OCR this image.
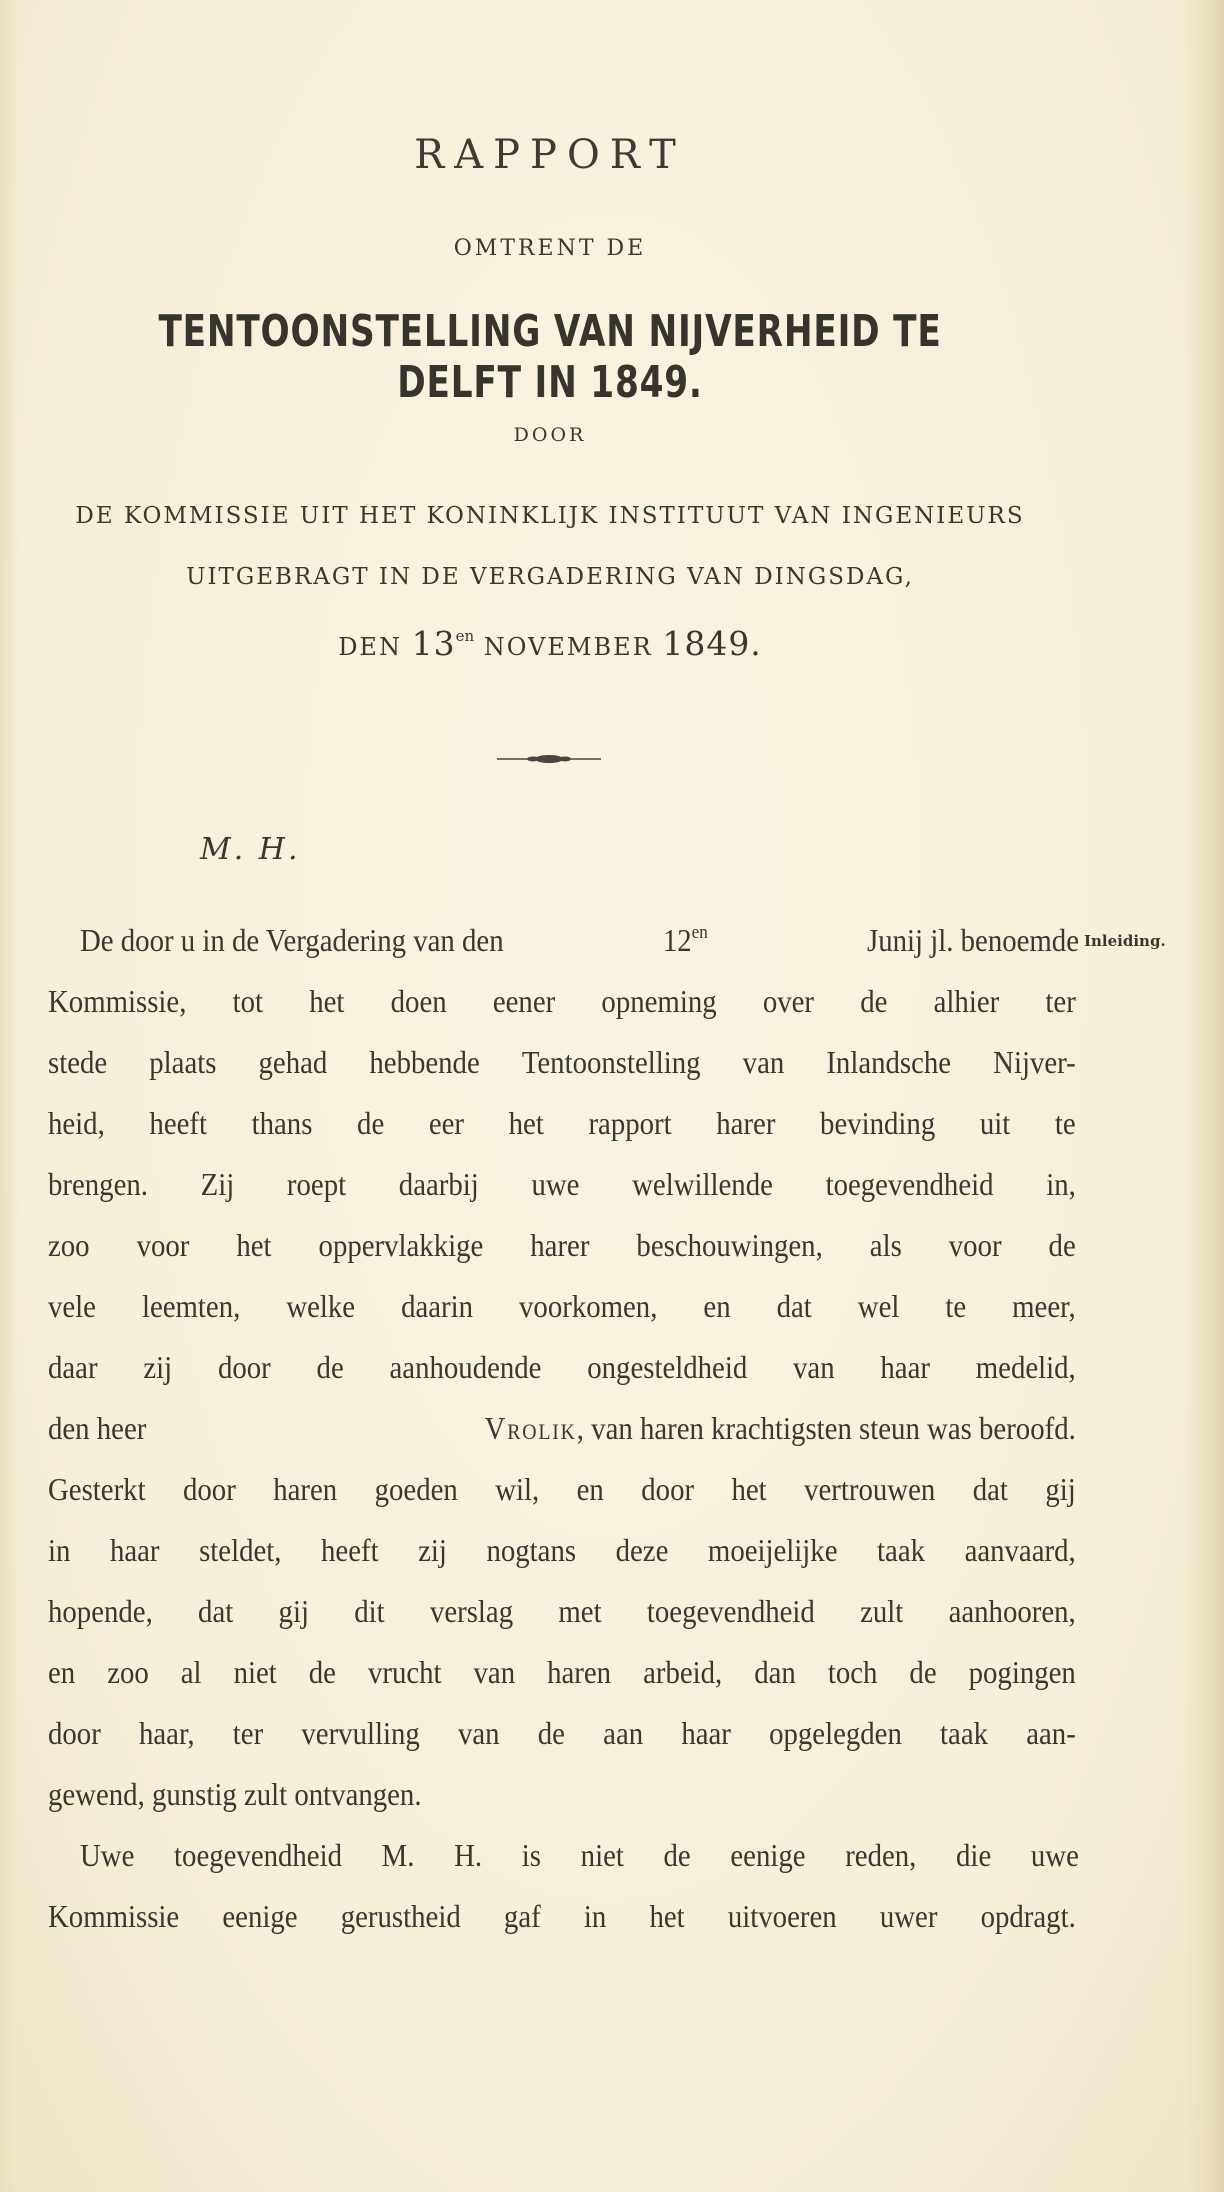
RAPPORT
OMTRENT DE
TENTOONSTELLING VAN NIJVERHEID TE DELFT IN 1849.
DOOR
DE KOMMISSIE UIT HET KONINKLIJK INSTITUUT VAN INGENIEURS
UITGEBRAGT IN DE VERGADERING VAN DINGSDAG,
DEN $13^{en}$ NOVEMBER 1849.
M. H.
Inleiding.
De door u in de Vergadering van den	$12^{en}$	Junij jl. benoemde
Kommissie, tot het doen eener opneming over de alhier ter
stede plaats gehad hebbende Tentoonstelling van Inlandsche Nijver-
heid, heeft thans de eer het rapport harer bevinding uit te
brengen. Zij roept daarbij uwe welwillende toegevendheid in,
zoo voor het oppervlakkige harer beschouwingen, als voor de
vele leemten, welke daarin voorkomen, en dat wel te meer,
daar zij door de aanhoudende ongesteldheid van haar medelid,
den heer	Vrolik, van haren krachtigsten steun was beroofd.
Gesterkt door haren goeden wil, en door het vertrouwen dat gij
in haar steldet, heeft zij nogtans deze moeijelijke taak aanvaard,
hopende, dat gij dit verslag met toegevendheid zult aanhooren,
en zoo al niet de vrucht van haren arbeid, dan toch de pogingen
door haar, ter vervulling van de aan haar opgelegden taak aan-
gewend, gunstig zult ontvangen.
Uwe toegevendheid M. H. is niet de eenige reden, die uwe
Kommissie eenige gerustheid gaf in het uitvoeren uwer opdragt.
